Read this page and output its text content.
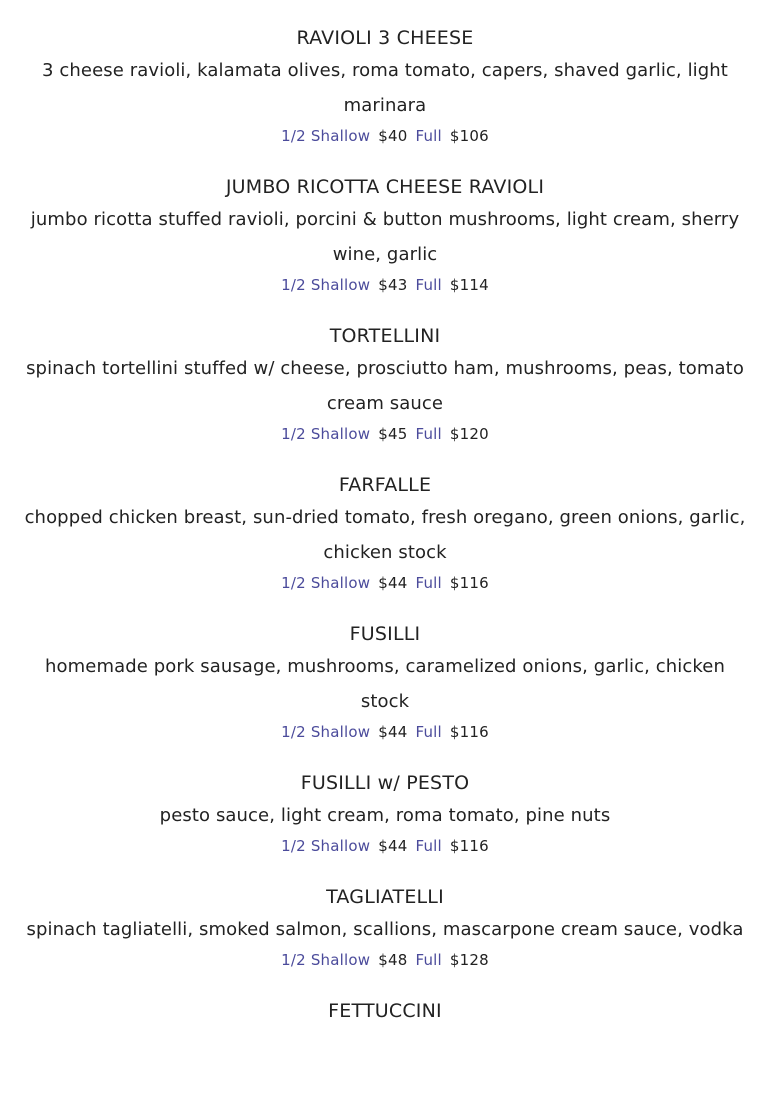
RAVIOLI 3 CHEESE
3 cheese ravioli, kalamata olives, roma tomato, capers, shaved garlic, light marinara
1/2 Shallow $40 Full $106
JUMBO RICOTTA CHEESE RAVIOLI
jumbo ricotta stuffed ravioli, porcini & button mushrooms, light cream, sherry wine, garlic
1/2 Shallow $43 Full $114
TORTELLINI
spinach tortellini stuffed w/ cheese, prosciutto ham, mushrooms, peas, tomato cream sauce
1/2 Shallow $45 Full $120
FARFALLE
chopped chicken breast, sun-dried tomato, fresh oregano, green onions, garlic, chicken stock
1/2 Shallow $44 Full $116
FUSILLI
homemade pork sausage, mushrooms, caramelized onions, garlic, chicken stock
1/2 Shallow $44 Full $116
FUSILLI w/ PESTO
pesto sauce, light cream, roma tomato, pine nuts
1/2 Shallow $44 Full $116
TAGLIATELLI
spinach tagliatelli, smoked salmon, scallions, mascarpone cream sauce, vodka
1/2 Shallow $48 Full $128
FETTUCCINI
